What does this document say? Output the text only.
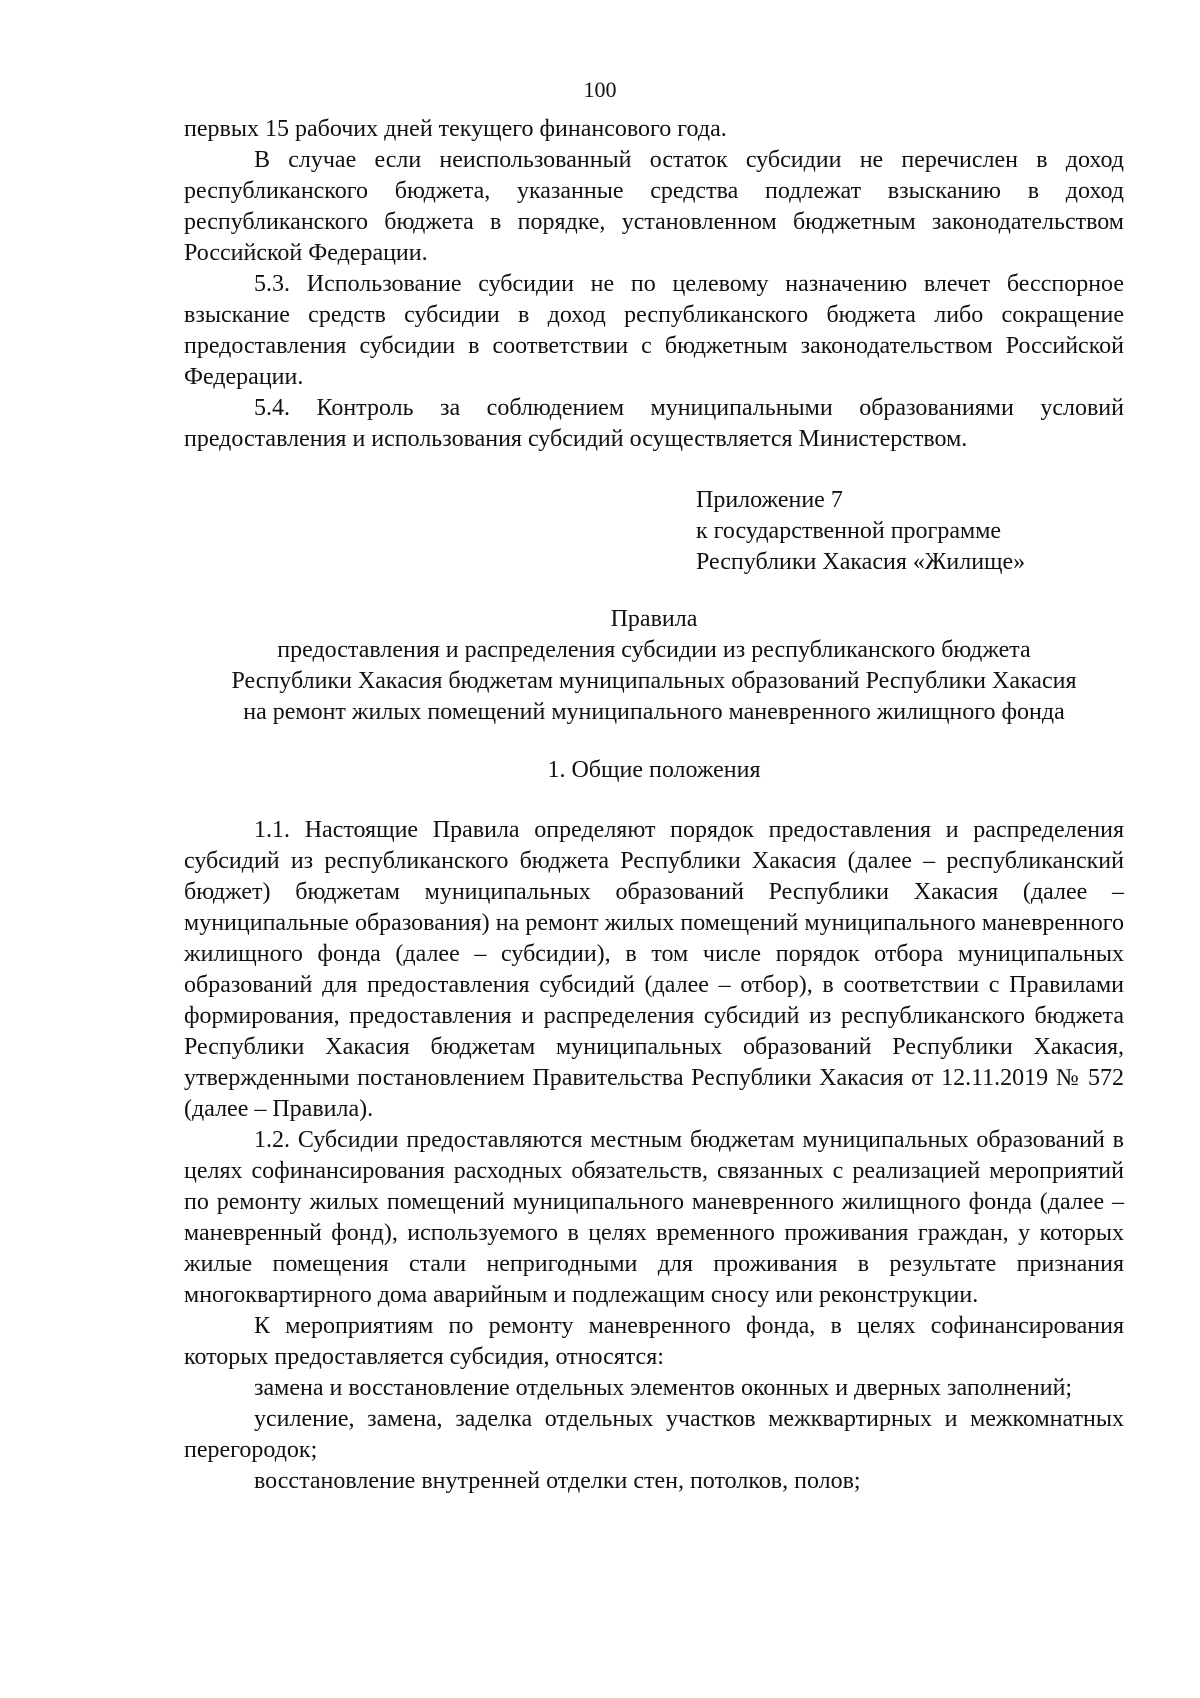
100

первых 15 рабочих дней текущего финансового года.

В случае если неиспользованный остаток субсидии не перечислен в доход республиканского бюджета, указанные средства подлежат взысканию в доход республиканского бюджета в порядке, установленном бюджетным законодательством Российской Федерации.

5.3. Использование субсидии не по целевому назначению влечет бесспорное взыскание средств субсидии в доход республиканского бюджета либо сокращение предоставления субсидии в соответствии с бюджетным законодательством Российской Федерации.

5.4. Контроль за соблюдением муниципальными образованиями условий предоставления и использования субсидий осуществляется Министерством.

Приложение 7
к государственной программе
Республики Хакасия «Жилище»
Правила
предоставления и распределения субсидии из республиканского бюджета
Республики Хакасия бюджетам муниципальных образований Республики Хакасия
на ремонт жилых помещений муниципального маневренного жилищного фонда
1. Общие положения

1.1. Настоящие Правила определяют порядок предоставления и распределения субсидий из республиканского бюджета Республики Хакасия (далее – республиканский бюджет) бюджетам муниципальных образований Республики Хакасия (далее – муниципальные образования) на ремонт жилых помещений муниципального маневренного жилищного фонда (далее – субсидии), в том числе порядок отбора муниципальных образований для предоставления субсидий (далее – отбор), в соответствии с Правилами формирования, предоставления и распределения субсидий из республиканского бюджета Республики Хакасия бюджетам муниципальных образований Республики Хакасия, утвержденными постановлением Правительства Республики Хакасия от 12.11.2019 № 572 (далее – Правила).

1.2. Субсидии предоставляются местным бюджетам муниципальных образований в целях софинансирования расходных обязательств, связанных с реализацией мероприятий по ремонту жилых помещений муниципального маневренного жилищного фонда (далее – маневренный фонд), используемого в целях временного проживания граждан, у которых жилые помещения стали непригодными для проживания в результате признания многоквартирного дома аварийным и подлежащим сносу или реконструкции.

К мероприятиям по ремонту маневренного фонда, в целях софинансирования которых предоставляется субсидия, относятся:

замена и восстановление отдельных элементов оконных и дверных заполнений;

усиление, замена, заделка отдельных участков межквартирных и межкомнатных перегородок;

восстановление внутренней отделки стен, потолков, полов;
